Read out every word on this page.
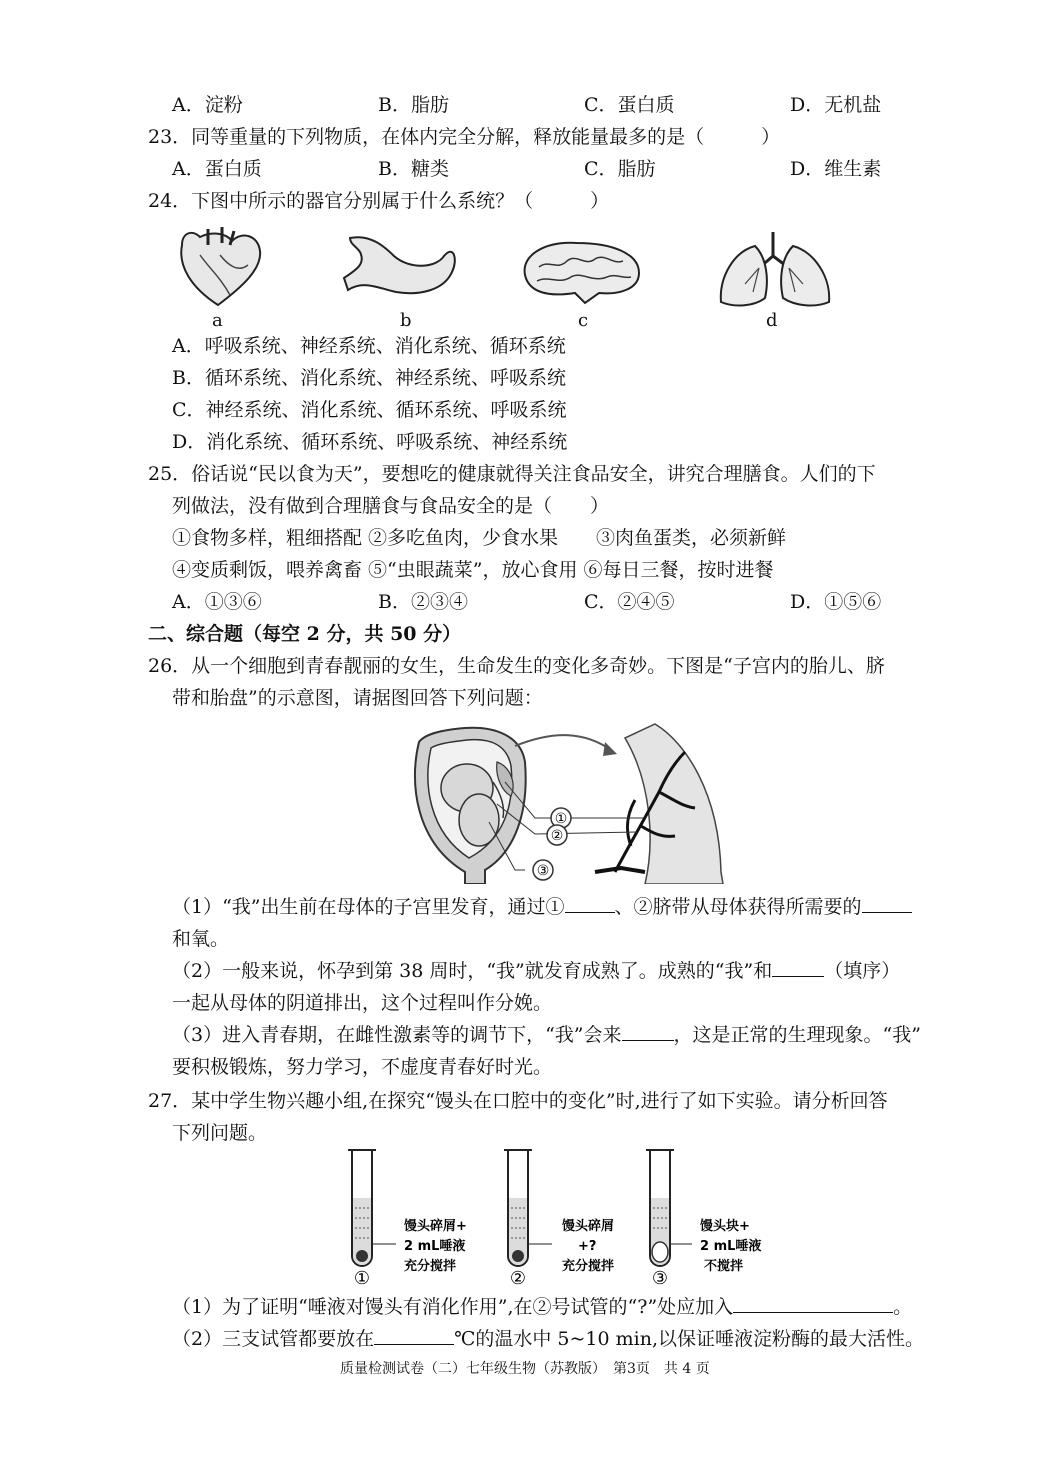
A．淀粉	B．脂肪	C．蛋白质	D．无机盐
23．同等重量的下列物质，在体内完全分解，释放能量最多的是（　　　）
A．蛋白质	B．糖类	C．脂肪	D．维生素
24．下图中所示的器官分别属于什么系统？（　　　）
a	b	c	d
A．呼吸系统、神经系统、消化系统、循环系统
B．循环系统、消化系统、神经系统、呼吸系统
C．神经系统、消化系统、循环系统、呼吸系统
D．消化系统、循环系统、呼吸系统、神经系统
25．俗话说“民以食为天”，要想吃的健康就得关注食品安全，讲究合理膳食。人们的下
列做法，没有做到合理膳食与食品安全的是（　　）
①食物多样，粗细搭配 ②多吃鱼肉，少食水果　　③肉鱼蛋类，必须新鲜
④变质剩饭，喂养禽畜 ⑤“虫眼蔬菜”，放心食用 ⑥每日三餐，按时进餐
A．①③⑥	B．②③④	C．②④⑤	D．①⑤⑥
二、综合题（每空 2 分，共 50 分）
26．从一个细胞到青春靓丽的女生，生命发生的变化多奇妙。下图是“子宫内的胎儿、脐
带和胎盘”的示意图，请据图回答下列问题：
①
②
③
（1）“我”出生前在母体的子宫里发育，通过①	、②脐带从母体获得所需要的
和氧。
（2）一般来说，怀孕到第 38 周时，“我”就发育成熟了。成熟的“我”和	（填序）
一起从母体的阴道排出，这个过程叫作分娩。
（3）进入青春期，在雌性激素等的调节下，“我”会来	，这是正常的生理现象。“我”
要积极锻炼，努力学习，不虚度青春好时光。
27．某中学生物兴趣小组,在探究“馒头在口腔中的变化”时,进行了如下实验。请分析回答
下列问题。
①
馒头碎屑+
2 mL唾液
充分搅拌
②
馒头碎屑
+?
充分搅拌
③
馒头块+
2 mL唾液
不搅拌
（1）为了证明“唾液对馒头有消化作用”,在②号试管的“?”处应加入	。
（2）三支试管都要放在	℃的温水中 5~10 min,以保证唾液淀粉酶的最大活性。
质量检测试卷（二）七年级生物（苏教版）　第3页　共 4 页
